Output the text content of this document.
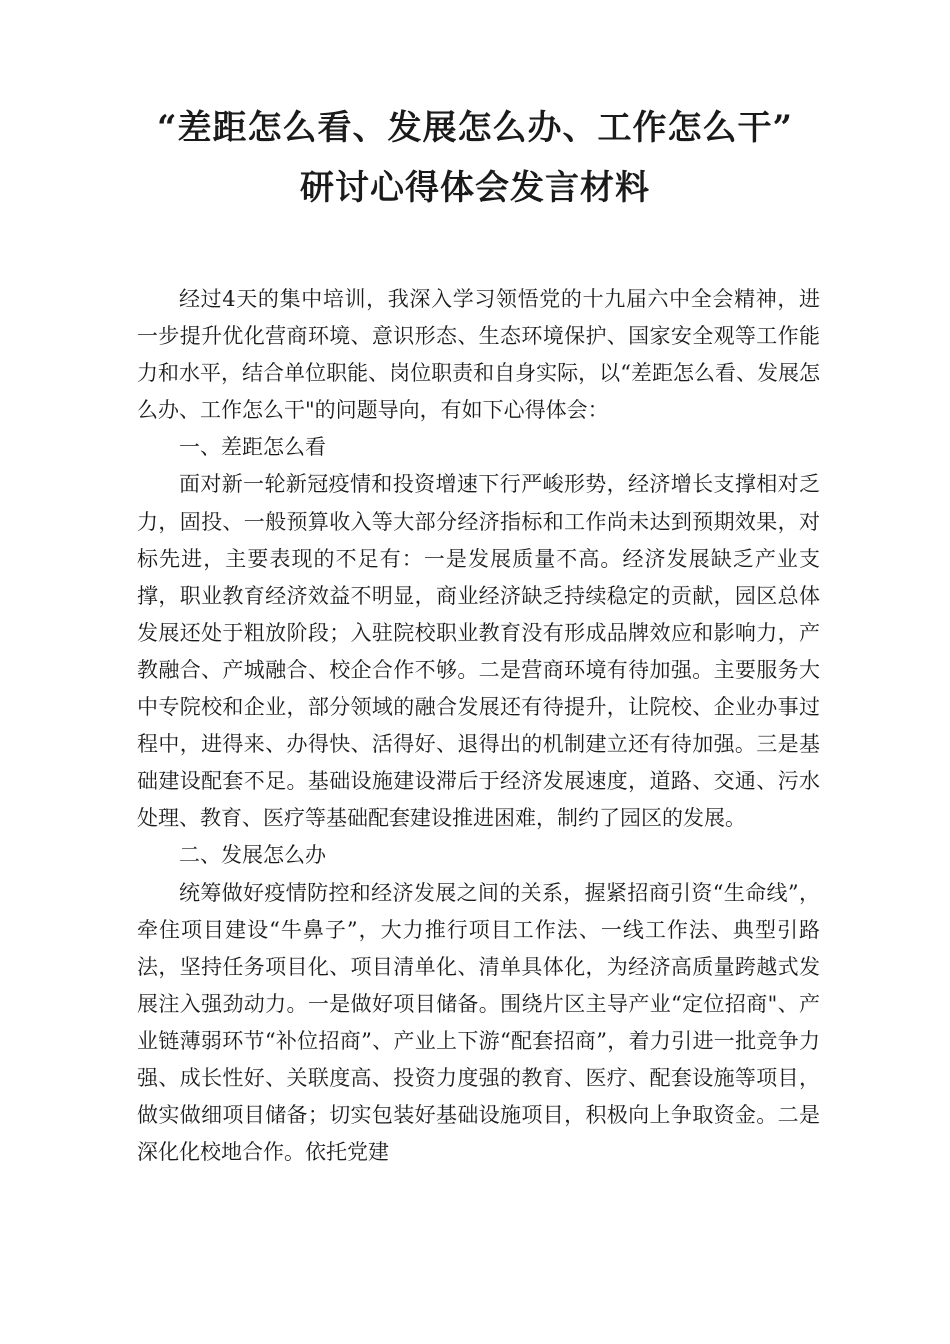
“差距怎么看、发展怎么办、工作怎么干”
研讨心得体会发言材料

经过4天的集中培训，我深入学习领悟党的十九届六中全会精神，进一步提升优化营商环境、意识形态、生态环境保护、国家安全观等工作能力和水平，结合单位职能、岗位职责和自身实际，以“差距怎么看、发展怎么办、工作怎么干"的问题导向，有如下心得体会：

一、差距怎么看

面对新一轮新冠疫情和投资增速下行严峻形势，经济增长支撑相对乏力，固投、一般预算收入等大部分经济指标和工作尚未达到预期效果，对标先进，主要表现的不足有：一是发展质量不高。经济发展缺乏产业支撑，职业教育经济效益不明显，商业经济缺乏持续稳定的贡献，园区总体发展还处于粗放阶段；入驻院校职业教育没有形成品牌效应和影响力，产教融合、产城融合、校企合作不够。二是营商环境有待加强。主要服务大中专院校和企业，部分领域的融合发展还有待提升，让院校、企业办事过程中，进得来、办得快、活得好、退得出的机制建立还有待加强。三是基础建设配套不足。基础设施建设滞后于经济发展速度，道路、交通、污水处理、教育、医疗等基础配套建设推进困难，制约了园区的发展。

二、发展怎么办

统筹做好疫情防控和经济发展之间的关系，握紧招商引资“生命线”，牵住项目建设“牛鼻子”，大力推行项目工作法、一线工作法、典型引路法，坚持任务项目化、项目清单化、清单具体化，为经济高质量跨越式发展注入强劲动力。一是做好项目储备。围绕片区主导产业“定位招商"、产业链薄弱环节“补位招商”、产业上下游“配套招商”，着力引进一批竞争力强、成长性好、关联度高、投资力度强的教育、医疗、配套设施等项目，做实做细项目储备；切实包装好基础设施项目，积极向上争取资金。二是深化化校地合作。依托党建
